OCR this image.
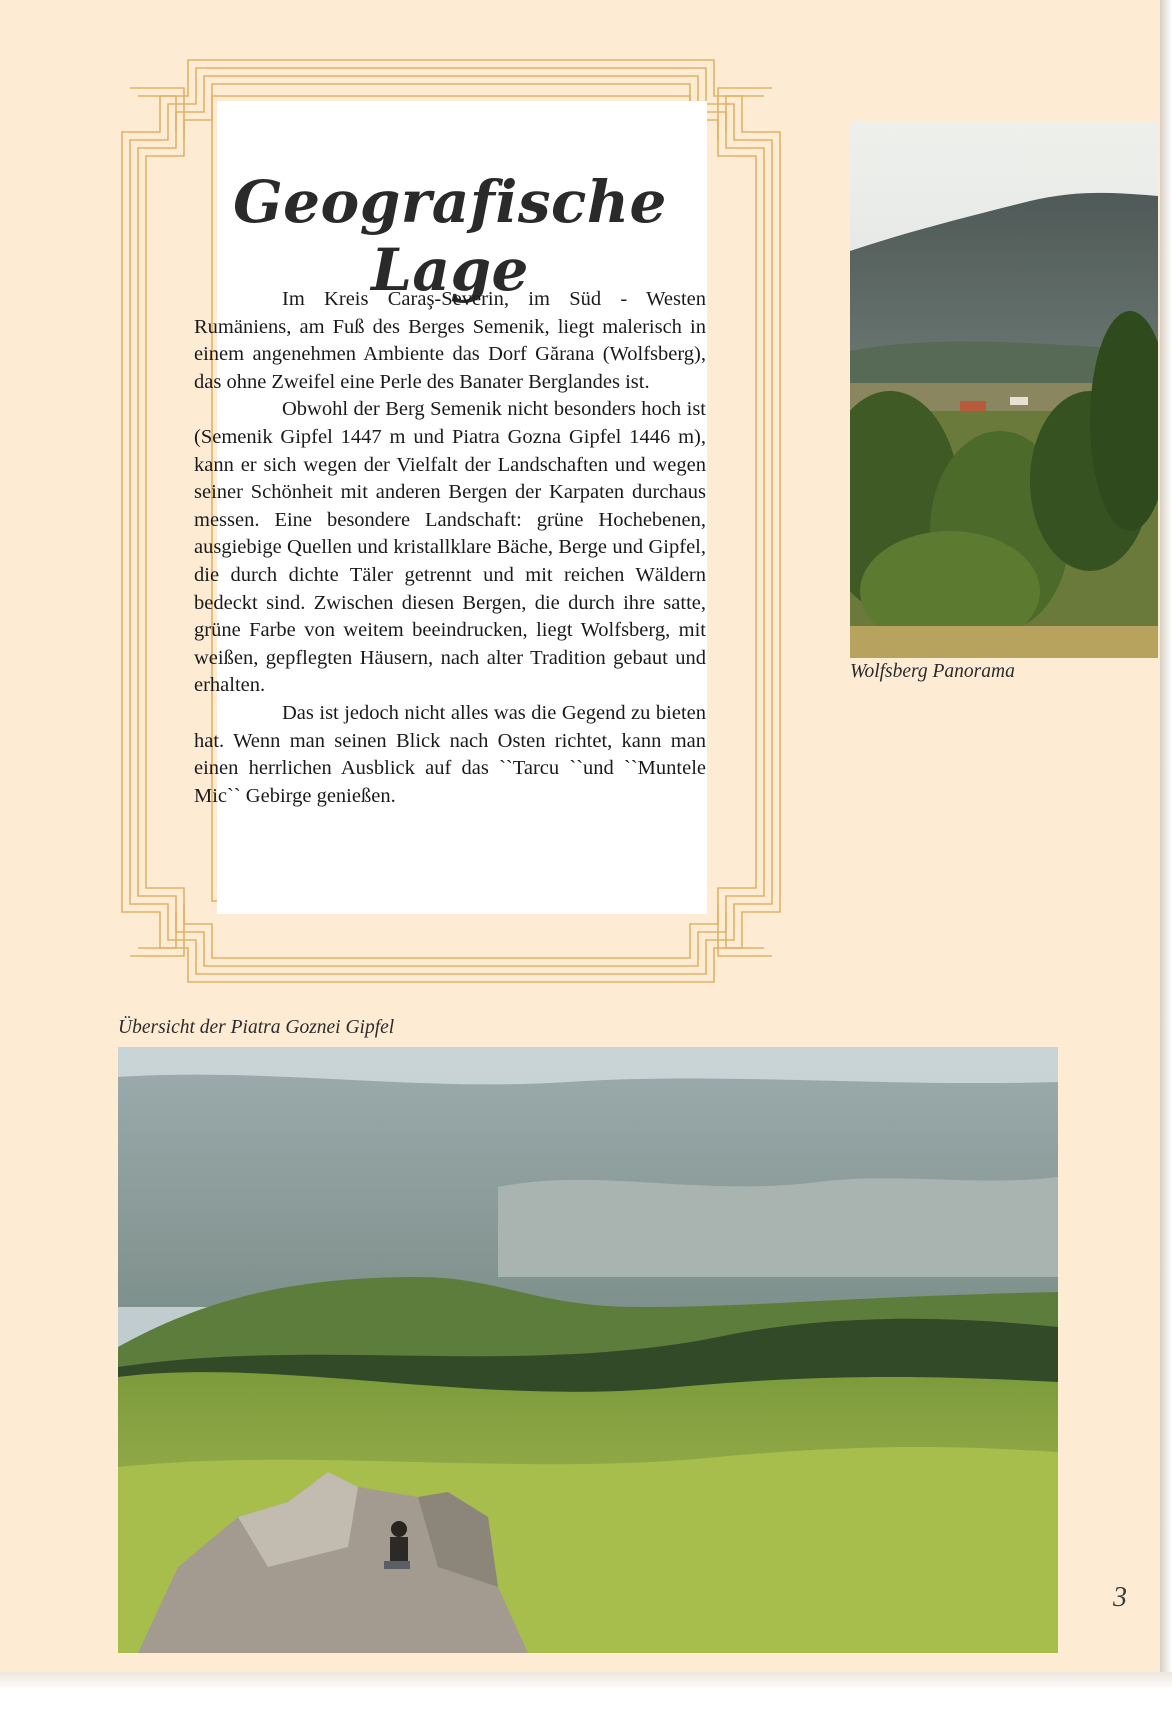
Geografische Lage

Im Kreis Caraş-Severin, im Süd - Westen Rumäniens, am Fuß des Berges Semenik, liegt malerisch in einem angenehmen Ambiente das Dorf Gărana (Wolfsberg), das ohne Zweifel eine Perle des Banater Berglandes ist.

Obwohl der Berg Semenik nicht besonders hoch ist (Semenik Gipfel 1447 m und Piatra Gozna Gipfel 1446 m), kann er sich wegen der Vielfalt der Landschaften und wegen seiner Schönheit mit anderen Bergen der Karpaten durchaus messen. Eine besondere Landschaft: grüne Hochebenen, ausgiebige Quellen und kristallklare Bäche, Berge und Gipfel, die durch dichte Täler getrennt und mit reichen Wäldern bedeckt sind. Zwischen diesen Bergen, die durch ihre satte, grüne Farbe von weitem beeindrucken, liegt Wolfsberg, mit weißen, gepflegten Häusern, nach alter Tradition gebaut und erhalten.

Das ist jedoch nicht alles was die Gegend zu bieten hat. Wenn man seinen Blick nach Osten richtet, kann man einen herrlichen Ausblick auf das ``Tarcu ``und ``Muntele Mic`` Gebirge genießen.

Wolfsberg Panorama
Übersicht der Piatra Goznei Gipfel
3
